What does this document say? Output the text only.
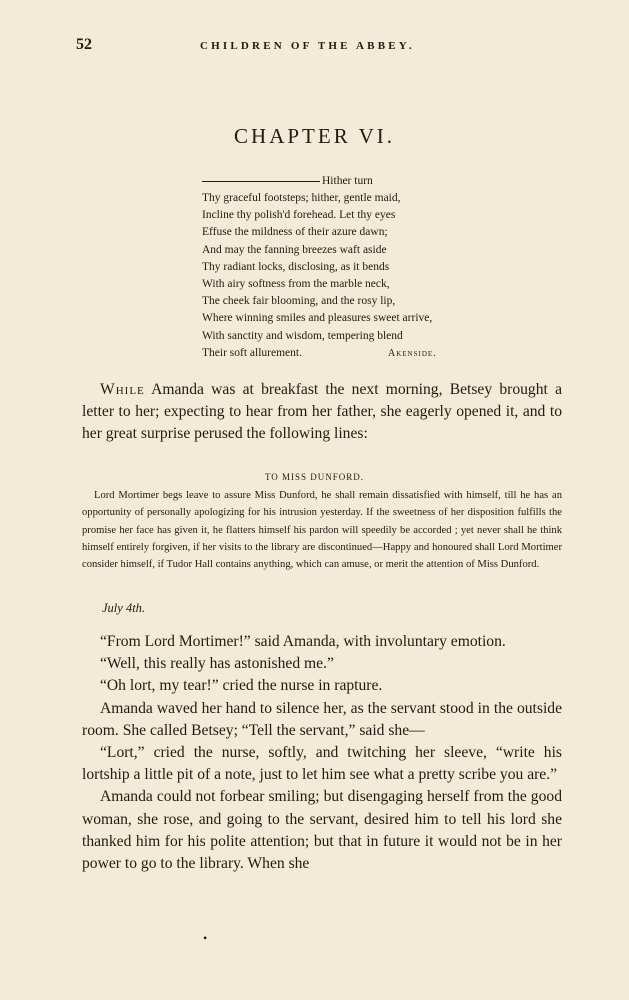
52	CHILDREN OF THE ABBEY.
CHAPTER VI.
Hither turn
Thy graceful footsteps; hither, gentle maid,
Incline thy polish'd forehead. Let thy eyes
Effuse the mildness of their azure dawn;
And may the fanning breezes waft aside
Thy radiant locks, disclosing, as it bends
With airy softness from the marble neck,
The cheek fair blooming, and the rosy lip,
Where winning smiles and pleasures sweet arrive,
With sanctity and wisdom, tempering blend
Their soft allurement.	Akenside.

While Amanda was at breakfast the next morning, Betsey brought a letter to her; expecting to hear from her father, she eagerly opened it, and to her great surprise perused the following lines:

TO MISS DUNFORD.

Lord Mortimer begs leave to assure Miss Dunford, he shall remain dissatisfied with himself, till he has an opportunity of personally apologizing for his intrusion yesterday. If the sweetness of her disposition fulfills the promise her face has given it, he flatters himself his pardon will speedily be accorded ; yet never shall he think himself entirely forgiven, if her visits to the library are discontinued—Happy and honoured shall Lord Mortimer consider himself, if Tudor Hall contains anything, which can amuse, or merit the attention of Miss Dunford.

July 4th.

“From Lord Mortimer!” said Amanda, with involuntary emotion.

“Well, this really has astonished me.”

“Oh lort, my tear!” cried the nurse in rapture.

Amanda waved her hand to silence her, as the servant stood in the outside room. She called Betsey; “Tell the servant,” said she—

“Lort,” cried the nurse, softly, and twitching her sleeve, “write his lortship a little pit of a note, just to let him see what a pretty scribe you are.”

Amanda could not forbear smiling; but disengaging herself from the good woman, she rose, and going to the servant, desired him to tell his lord she thanked him for his polite attention; but that in future it would not be in her power to go to the library. When she

•
